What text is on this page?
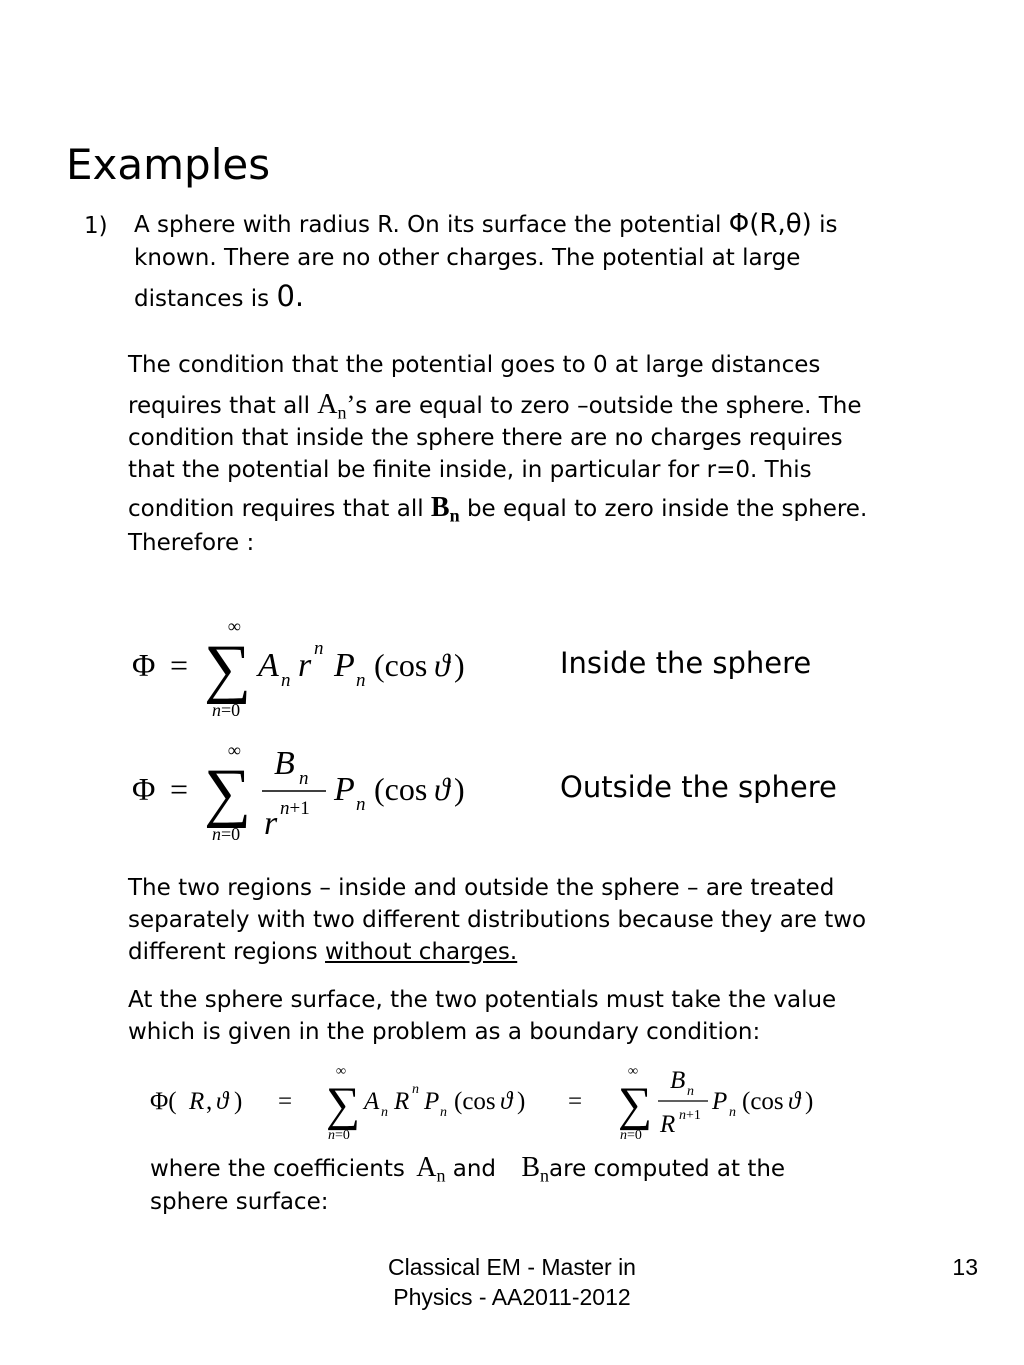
Examples
1) A sphere with radius R. On its surface the potential Φ(R,θ) is
known. There are no other charges. The potential at large
distances is 0.
The condition that the potential goes to 0 at large distances
requires that all $A_n’s$ are equal to zero –outside the sphere. The
condition that inside the sphere there are no charges requires
that the potential be finite inside, in particular for r=0. This
condition requires that all $B_n$ be equal to zero inside the sphere.
Therefore :
Φ =
∞
∑
n=0
A n r n P n (cos ϑ )	Inside the sphere
Φ =
∞
∑
n=0
B n
r n+1
P n (cos ϑ )	Outside the sphere
The two regions – inside and outside the sphere – are treated
separately with two different distributions because they are two
different regions without charges.
At the sphere surface, the two potentials must take the value
which is given in the problem as a boundary condition:
Φ( R , ϑ ) =
∞
∑
n=0
A n R n P n (cos ϑ ) =
∞
∑
n=0
B n
R n+1
P n (cos ϑ )
where the coefficients $A_n$ and $B_nare$ computed at the
sphere surface:
Classical EM - Master in
Physics - AA2011-2012
13
